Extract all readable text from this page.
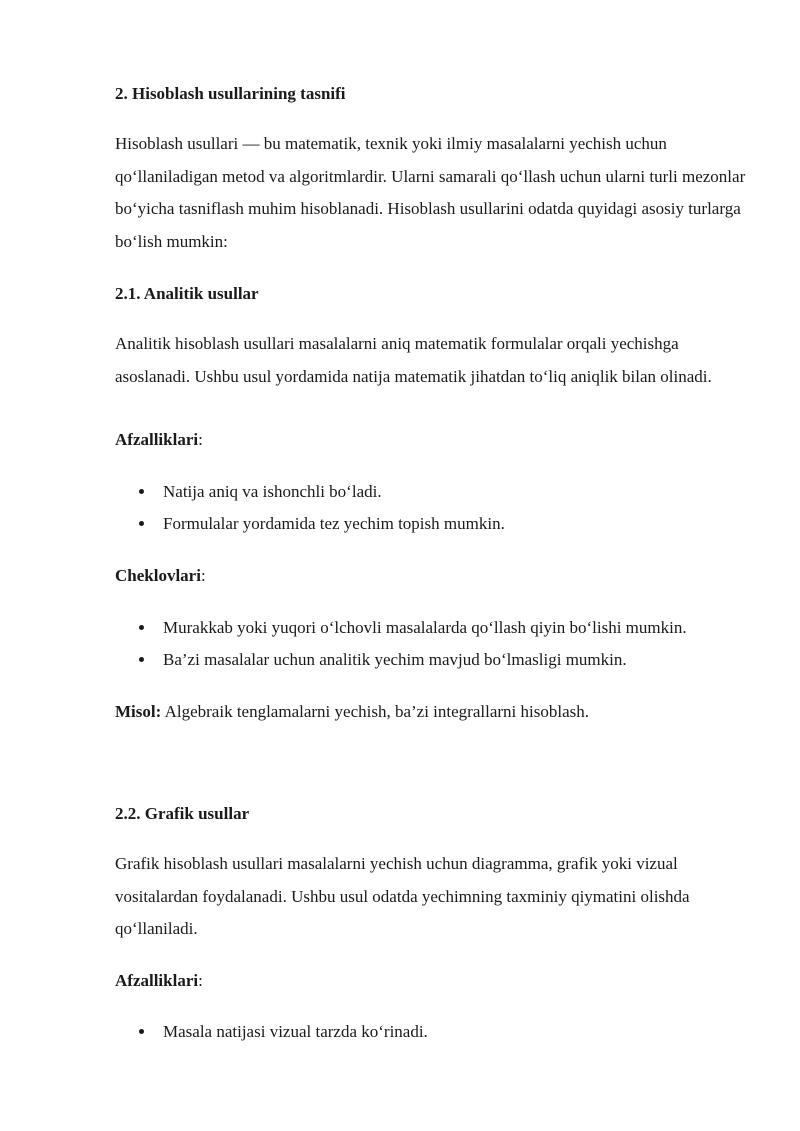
2. Hisoblash usullarining tasnifi

Hisoblash usullari — bu matematik, texnik yoki ilmiy masalalarni yechish uchun qo‘llaniladigan metod va algoritmlardir. Ularni samarali qo‘llash uchun ularni turli mezonlar bo‘yicha tasniflash muhim hisoblanadi. Hisoblash usullarini odatda quyidagi asosiy turlarga bo‘lish mumkin:

2.1. Analitik usullar

Analitik hisoblash usullari masalalarni aniq matematik formulalar orqali yechishga asoslanadi. Ushbu usul yordamida natija matematik jihatdan to‘liq aniqlik bilan olinadi.

Afzalliklari:
Natija aniq va ishonchli bo‘ladi.
Formulalar yordamida tez yechim topish mumkin.
Cheklovlari:
Murakkab yoki yuqori o‘lchovli masalalarda qo‘llash qiyin bo‘lishi mumkin.
Ba’zi masalalar uchun analitik yechim mavjud bo‘lmasligi mumkin.
Misol: Algebraik tenglamalarni yechish, ba’zi integrallarni hisoblash.
2.2. Grafik usullar

Grafik hisoblash usullari masalalarni yechish uchun diagramma, grafik yoki vizual vositalardan foydalanadi. Ushbu usul odatda yechimning taxminiy qiymatini olishda qo‘llaniladi.

Afzalliklari:
Masala natijasi vizual tarzda ko‘rinadi.
